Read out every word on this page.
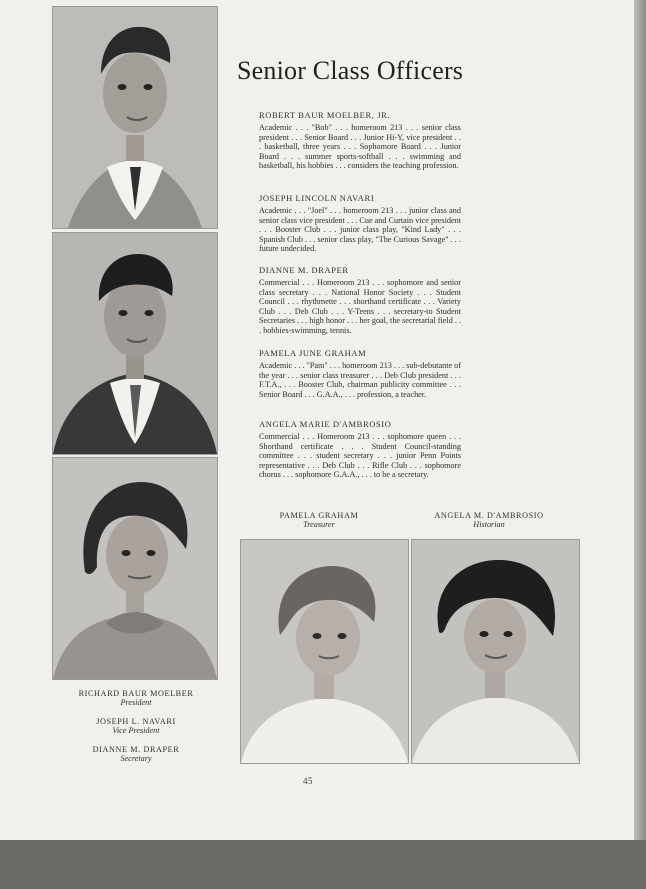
Senior Class Officers
ROBERT BAUR MOELBER, JR.
Academic . . . "Bob" . . . homeroom 213 . . . senior class president . . . Senior Board . . . Junior Hi-Y, vice president . . . basketball, three years . . . Sophomore Board . . . Junior Board . . . summer sports-softball . . . swimming and basketball, his hobbies . . . considers the teaching profession.
JOSEPH LINCOLN NAVARI
Academic . . . "Joel" . . . homeroom 213 . . . junior class and senior class vice president . . . Cue and Curtain vice president . . . Booster Club . . . junior class play, "Kind Lady" . . . Spanish Club . . . senior class play, "The Curious Savage" . . . future undecided.
DIANNE M. DRAPER
Commercial . . . Homeroom 213 . . . sophomore and senior class secretary . . . National Honor Society . . . Student Council . . . rhythmette . . . shorthand certificate . . . Variety Club . . . Deb Club . . . Y-Teens . . . secretary-to Student Secretaries . . . high honor . . . her goal, the secretarial field . . . hobbies-swimming, tennis.
PAMELA JUNE GRAHAM
Academic . . . "Pam" . . . homeroom 213 . . . sub-debutante of the year . . . senior class treasurer . . . Deb Club president . . . F.T.A., . . . Booster Club, chairman publicity committee . . . Senior Board . . . G.A.A., . . . profession, a teacher.
ANGELA MARIE D'AMBROSIO
Commercial . . . Homeroom 213 . . . sophomore queen . . . Shorthand certificate . . . Student Council-standing committee . . . student secretary . . . junior Penn Points representative . . . Deb Club . . . Rifle Club . . . sophomore chorus . . . sophomore G.A.A., . . . to be a secretary.
RICHARD BAUR MOELBER
President
JOSEPH L. NAVARI
Vice President
DIANNE M. DRAPER
Secretary
PAMELA GRAHAM
Treasurer
ANGELA M. D'AMBROSIO
Historian
45
